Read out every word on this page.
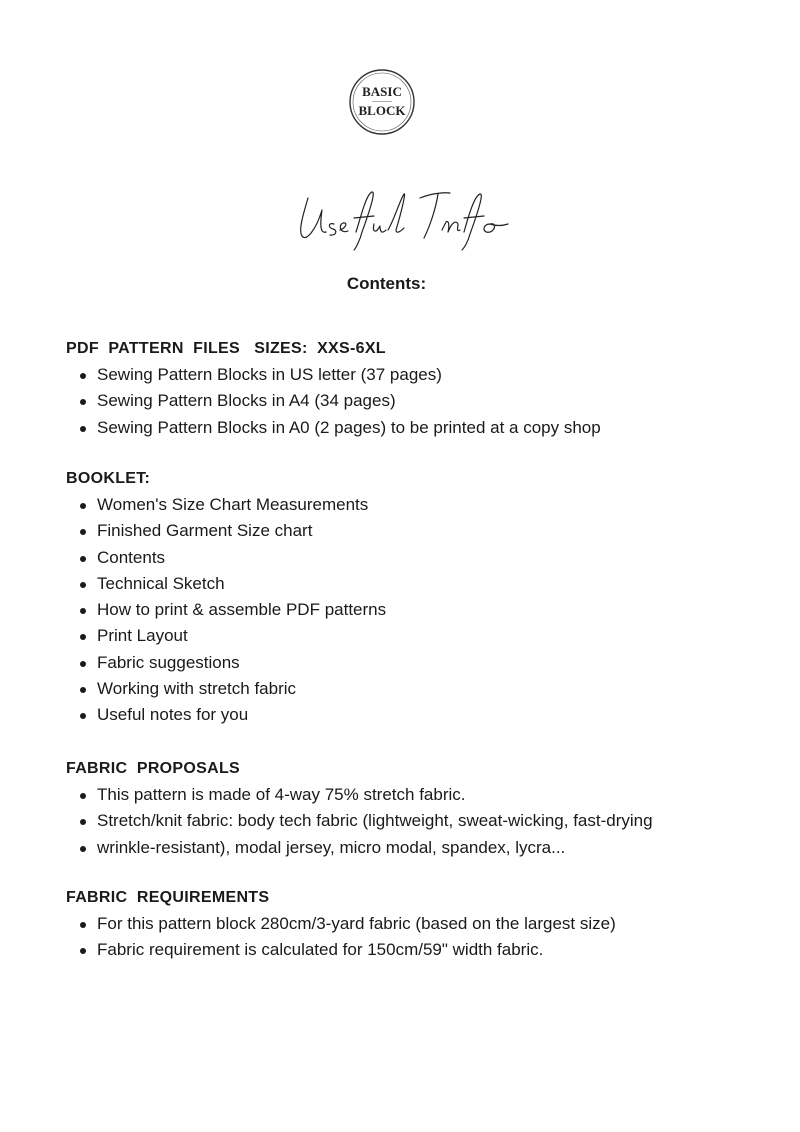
BASIC
BLOCK
Contents:

PDF  PATTERN  FILES   SIZES:  XXS-6XL

Sewing Pattern Blocks in US letter (37 pages)
Sewing Pattern Blocks in A4 (34 pages)
Sewing Pattern Blocks in A0 (2 pages) to be printed at a copy shop

BOOKLET:

Women's Size Chart Measurements
Finished Garment Size chart
Contents
Technical Sketch
How to print & assemble PDF patterns
Print Layout
Fabric suggestions
Working with stretch fabric
Useful notes for you

FABRIC  PROPOSALS

This pattern is made of 4-way 75% stretch fabric.
Stretch/knit fabric: body tech fabric (lightweight, sweat-wicking, fast-drying
wrinkle-resistant), modal jersey, micro modal, spandex, lycra...

FABRIC  REQUIREMENTS

For this pattern block 280cm/3-yard fabric (based on the largest size)
Fabric requirement is calculated for 150cm/59" width fabric.
